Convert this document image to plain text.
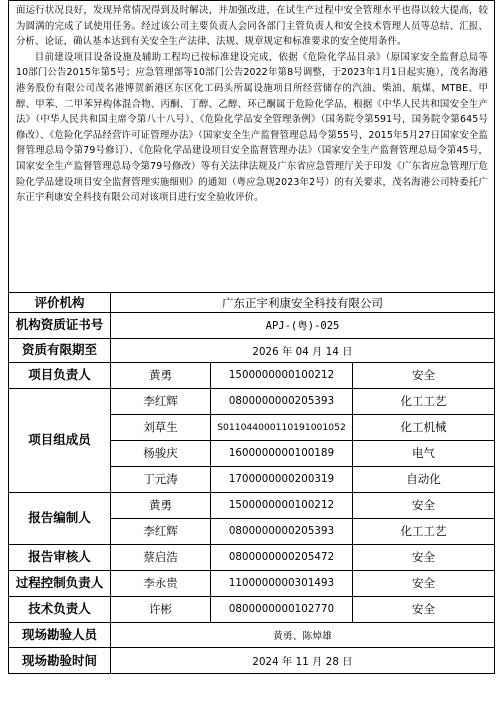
面运行状况良好，发现异常情况得到及时解决，并加强改进，在试生产过程中安全管理水平也得以较大提高，较为圆满的完成了试使用任务。经过该公司主要负责人会同各部门主管负责人和安全技术管理人员等总结、汇报、分析、论证，确认基本达到有关安全生产法律、法规、规章规定和标准要求的安全使用条件。

目前建设项目设备设施及辅助工程均已按标准建设完成，依据《危险化学品目录》（原国家安全监督总局等10部门公告2015年第5号；应急管理部等10部门公告2022年第8号调整，于2023年1月1日起实施），茂名海港港务股份有限公司茂名港博贺新港区东区化工码头所属设施项目所经营储存的汽油、柴油、航煤、MTBE、甲醇、甲苯、二甲苯异构体混合物、丙酮、丁醇、乙醇、环己酮属于危险化学品，根据《中华人民共和国安全生产法》（中华人民共和国主席令第八十八号）、《危险化学品安全管理条例》（国务院令第591号，国务院令第645号修改）、《危险化学品经营许可证管理办法》（国家安全生产监督管理总局令第55号，2015年5月27日国家安全监督管理总局令第79号修订）、《危险化学品建设项目安全监督管理办法》（国家安全生产监督管理总局令第45号，国家安全生产监督管理总局令第79号修改）等有关法律法规及广东省应急管理厅关于印发《广东省应急管理厅危险化学品建设项目安全监督管理实施细则》的通知（粤应急规2023年2号）的有关要求，茂名海港公司特委托广东正宇利康安全科技有限公司对该项目进行安全验收评价。			

评价机构	广东正宇利康安全科技有限公司		
机构资质证书号	APJ-(粤)-025		
资质有限期至	2026 年 04 月 14 日		
项目负责人	黄勇	1500000000100212	安全
项目组成员	李红辉	0800000000205393	化工工艺
	刘草生	S011044000110191001052	化工机械
	杨骏庆	1600000000100189	电气
	丁元涛	1700000000200319	自动化
报告编制人	黄勇	1500000000100212	安全
	李红辉	0800000000205393	化工工艺
报告审核人	蔡启浩	0800000000205472	安全
过程控制负责人	李永贵	1100000000301493	安全
技术负责人	许彬	0800000000102770	安全
现场勘验人员	黄勇、陈焯雄		
现场勘验时间	2024 年 11 月 28 日		
